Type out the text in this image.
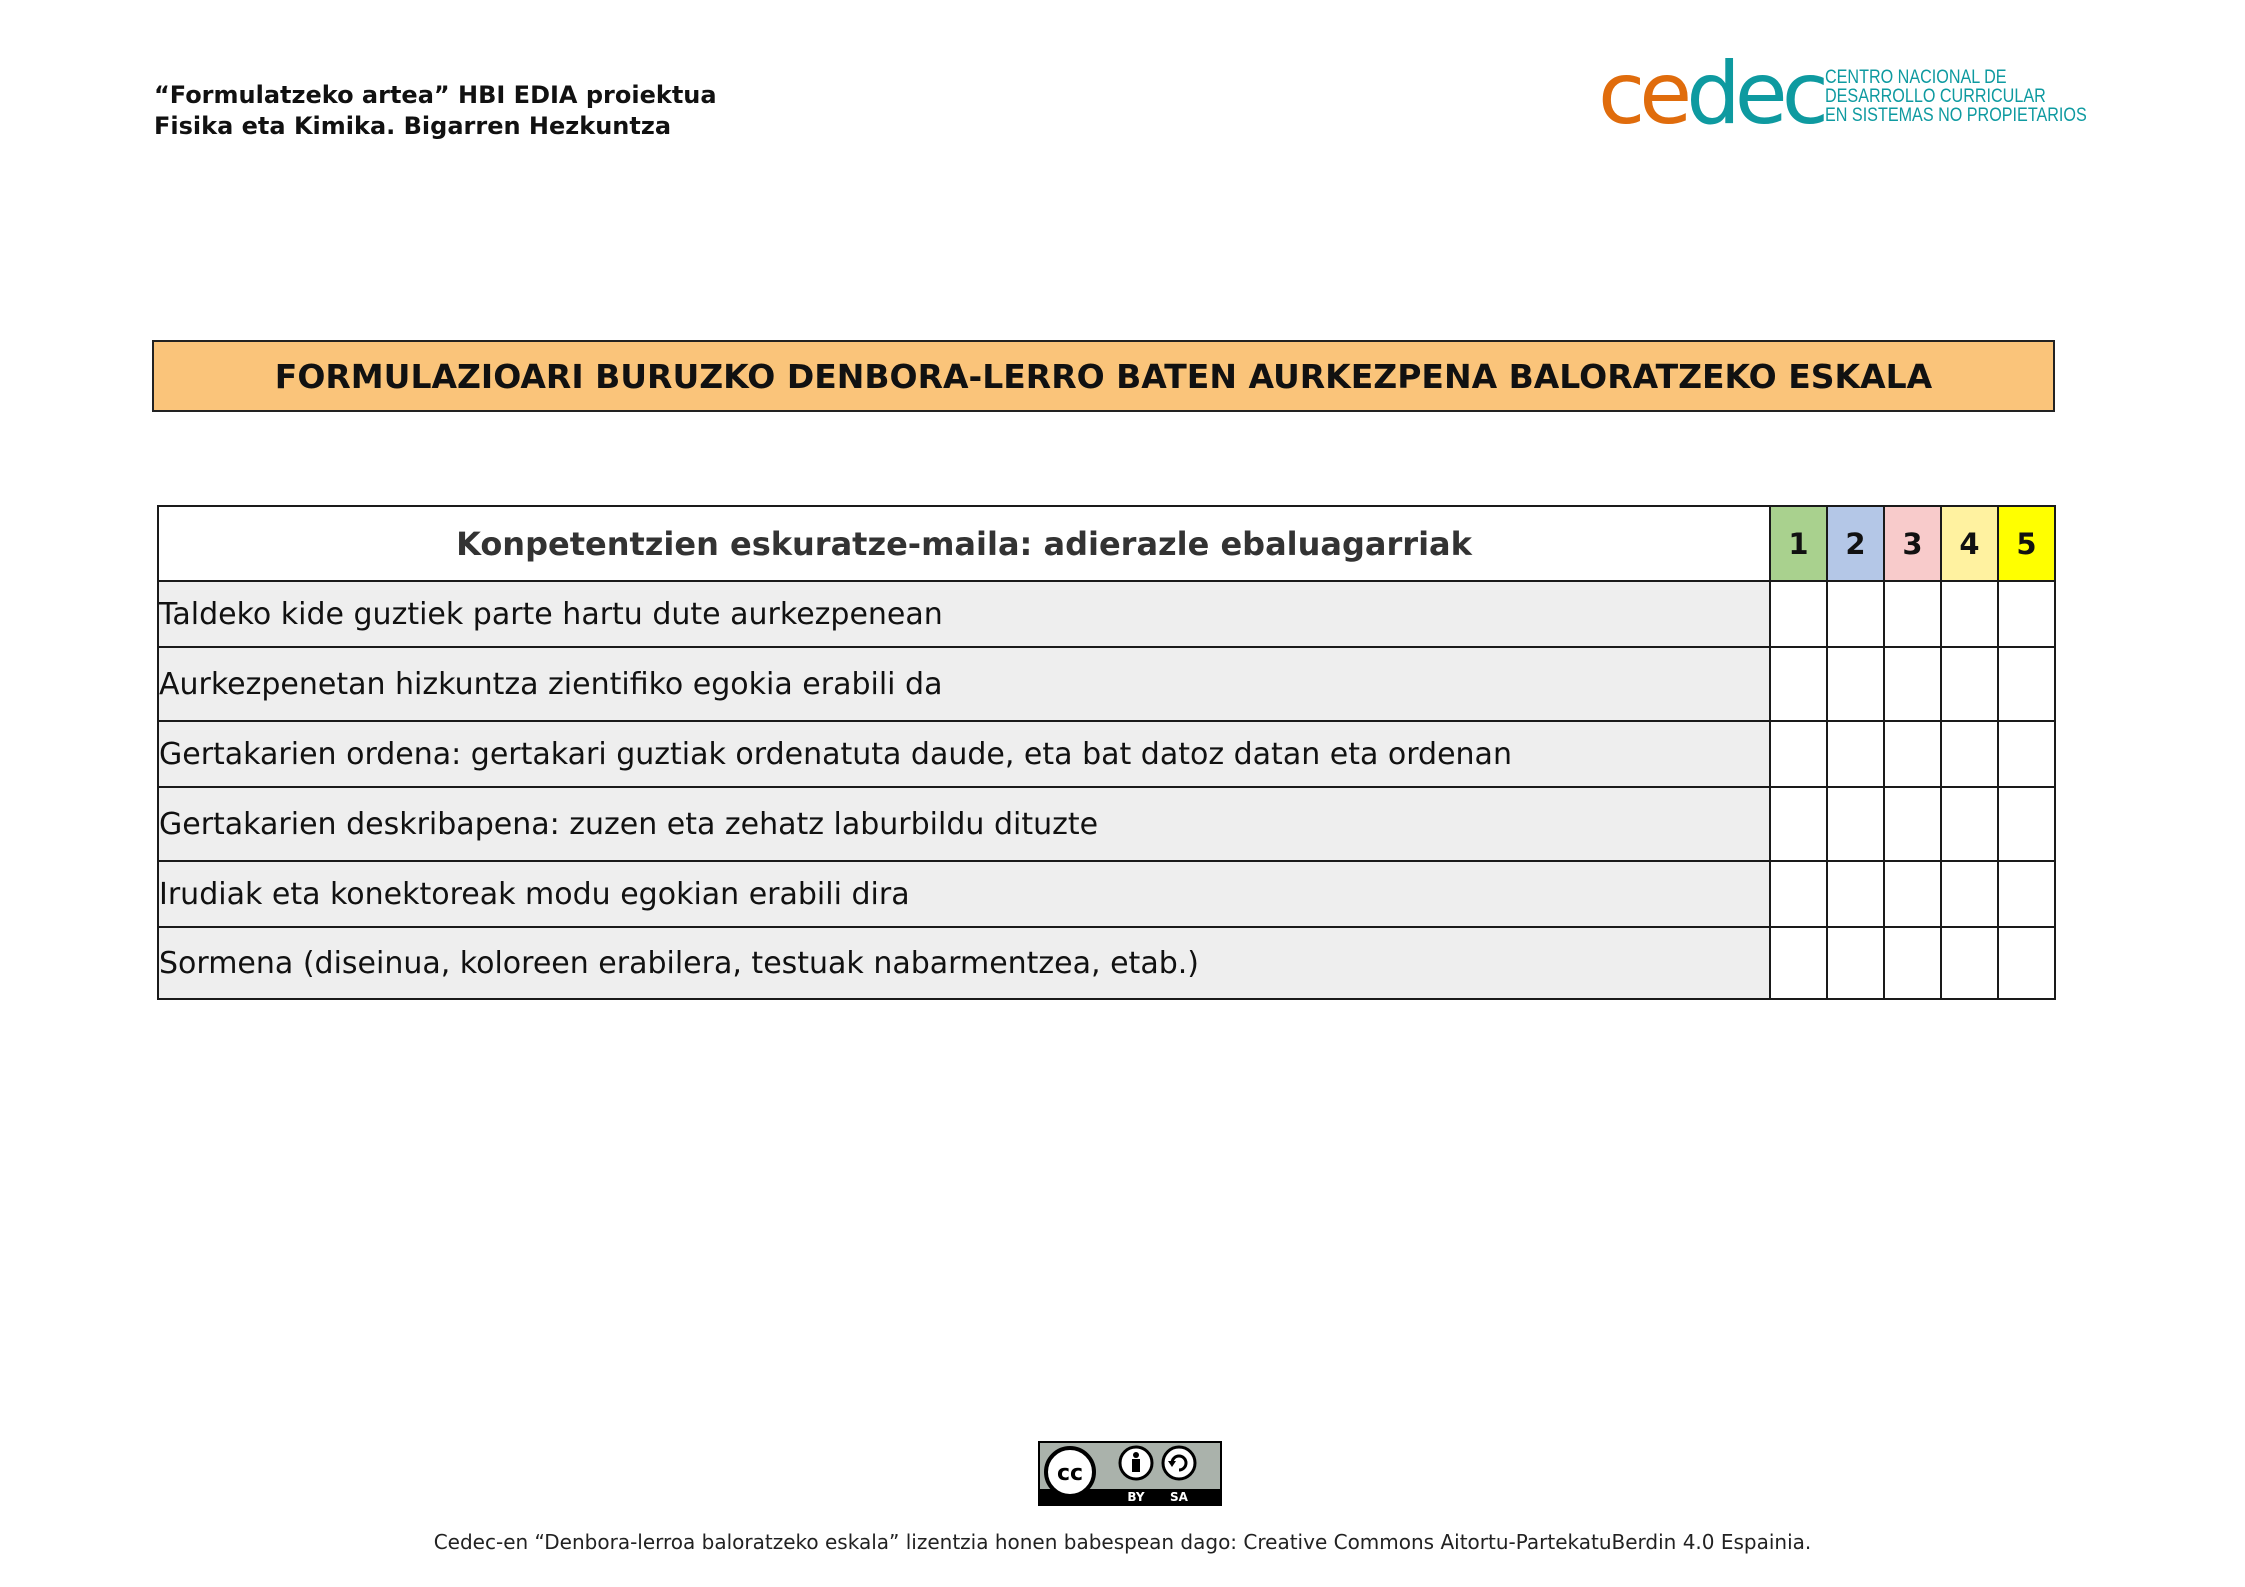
“Formulatzeko artea” HBI EDIA proiektua
Fisika eta Kimika. Bigarren Hezkuntza	cedec CENTRO NACIONAL DE
DESARROLLO CURRICULAR
EN SISTEMAS NO PROPIETARIOS
FORMULAZIOARI BURUZKO DENBORA-LERRO BATEN AURKEZPENA BALORATZEKO ESKALA
Konpetentzien eskuratze-maila: adierazle ebaluagarriak	1	2	3	4	5
Taldeko kide guztiek parte hartu dute aurkezpenean					
Aurkezpenetan hizkuntza zientifiko egokia erabili da					
Gertakarien ordena: gertakari guztiak ordenatuta daude, eta bat datoz datan eta ordenan					
Gertakarien deskribapena: zuzen eta zehatz laburbildu dituzte					
Irudiak eta konektoreak modu egokian erabili dira					
Sormena (diseinua, koloreen erabilera, testuak nabarmentzea, etab.)					
cc
BY SA
Cedec-en “Denbora-lerroa baloratzeko eskala” lizentzia honen babespean dago: Creative Commons Aitortu-PartekatuBerdin 4.0 Espainia.
